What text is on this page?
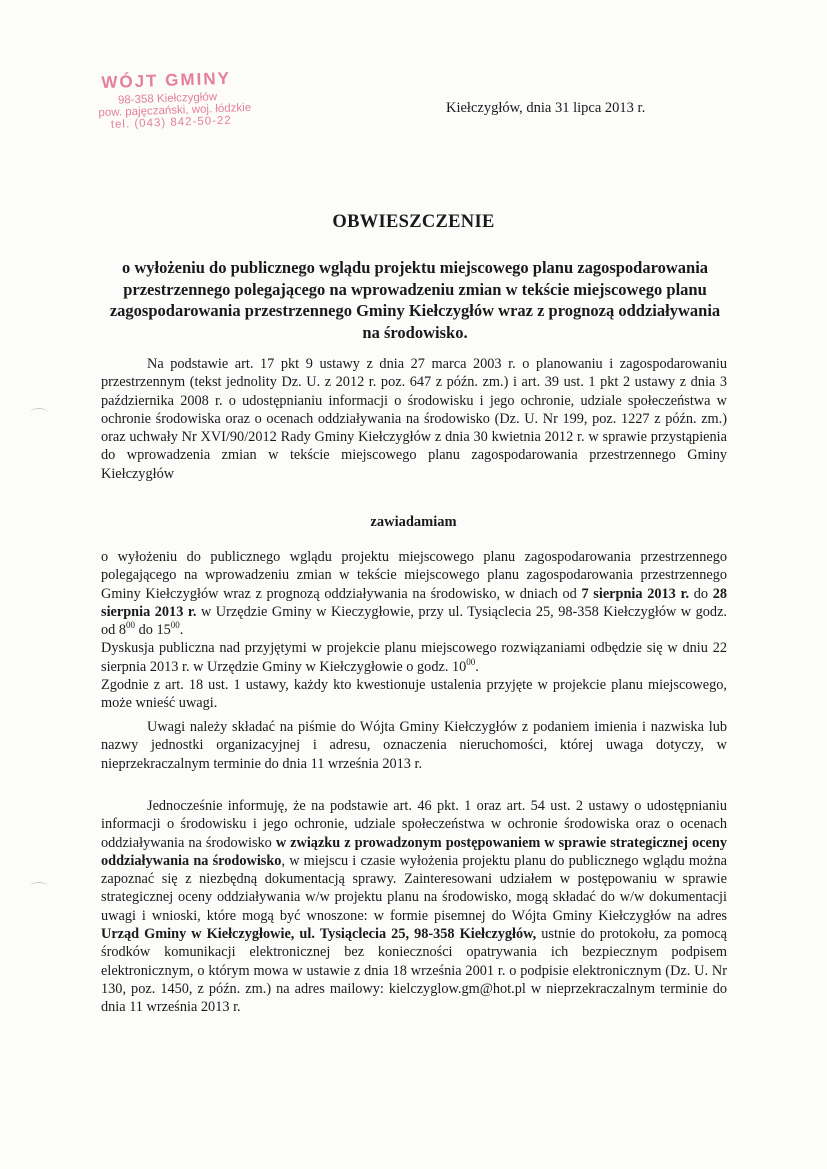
WÓJT GMINY
98-358 Kiełczygłów
pow. pajęczański, woj. łódzkie
tel. (043) 842-50-22
Kiełczygłów, dnia 31 lipca 2013 r.
OBWIESZCZENIE
o wyłożeniu do publicznego wglądu projektu miejscowego planu zagospodarowania przestrzennego polegającego na wprowadzeniu zmian w tekście miejscowego planu zagospodarowania przestrzennego Gminy Kiełczygłów wraz z prognozą oddziaływania na środowisko.
Na podstawie art. 17 pkt 9 ustawy z dnia 27 marca 2003 r. o planowaniu i zagospodarowaniu przestrzennym (tekst jednolity Dz. U. z 2012 r. poz. 647 z późn. zm.) i art. 39 ust. 1 pkt 2 ustawy z dnia 3 października 2008 r. o udostępnianiu informacji o środowisku i jego ochronie, udziale społeczeństwa w ochronie środowiska oraz o ocenach oddziaływania na środowisko (Dz. U. Nr 199, poz. 1227 z późn. zm.) oraz uchwały Nr XVI/90/2012 Rady Gminy Kiełczygłów z dnia 30 kwietnia 2012 r. w sprawie przystąpienia do wprowadzenia zmian w tekście miejscowego planu zagospodarowania przestrzennego Gminy Kiełczygłów
zawiadamiam
o wyłożeniu do publicznego wglądu projektu miejscowego planu zagospodarowania przestrzennego polegającego na wprowadzeniu zmian w tekście miejscowego planu zagospodarowania przestrzennego Gminy Kiełczygłów wraz z prognozą oddziaływania na środowisko, w dniach od 7 sierpnia 2013 r. do 28 sierpnia 2013 r. w Urzędzie Gminy w Kieczygłowie, przy ul. Tysiąclecia 25, 98-358 Kiełczygłów w godz. od $8^{00}$ do $15^{00}$.
Dyskusja publiczna nad przyjętymi w projekcie planu miejscowego rozwiązaniami odbędzie się w dniu 22 sierpnia 2013 r. w Urzędzie Gminy w Kiełczygłowie o godz. $10^{00}$.
Zgodnie z art. 18 ust. 1 ustawy, każdy kto kwestionuje ustalenia przyjęte w projekcie planu miejscowego, może wnieść uwagi.
Uwagi należy składać na piśmie do Wójta Gminy Kiełczygłów z podaniem imienia i nazwiska lub nazwy jednostki organizacyjnej i adresu, oznaczenia nieruchomości, której uwaga dotyczy, w nieprzekraczalnym terminie do dnia 11 września 2013 r.
Jednocześnie informuję, że na podstawie art. 46 pkt. 1 oraz art. 54 ust. 2 ustawy o udostępnianiu informacji o środowisku i jego ochronie, udziale społeczeństwa w ochronie środowiska oraz o ocenach oddziaływania na środowisko w związku z prowadzonym postępowaniem w sprawie strategicznej oceny oddziaływania na środowisko, w miejscu i czasie wyłożenia projektu planu do publicznego wglądu można zapoznać się z niezbędną dokumentacją sprawy. Zainteresowani udziałem w postępowaniu w sprawie strategicznej oceny oddziaływania w/w projektu planu na środowisko, mogą składać do w/w dokumentacji uwagi i wnioski, które mogą być wnoszone: w formie pisemnej do Wójta Gminy Kiełczygłów na adres Urząd Gminy w Kiełczygłowie, ul. Tysiąclecia 25, 98-358 Kiełczygłów, ustnie do protokołu, za pomocą środków komunikacji elektronicznej bez konieczności opatrywania ich bezpiecznym podpisem elektronicznym, o którym mowa w ustawie z dnia 18 września 2001 r. o podpisie elektronicznym (Dz. U. Nr 130, poz. 1450, z późn. zm.) na adres mailowy: kielczyglow.gm@hot.pl w nieprzekraczalnym terminie do dnia 11 września 2013 r.
